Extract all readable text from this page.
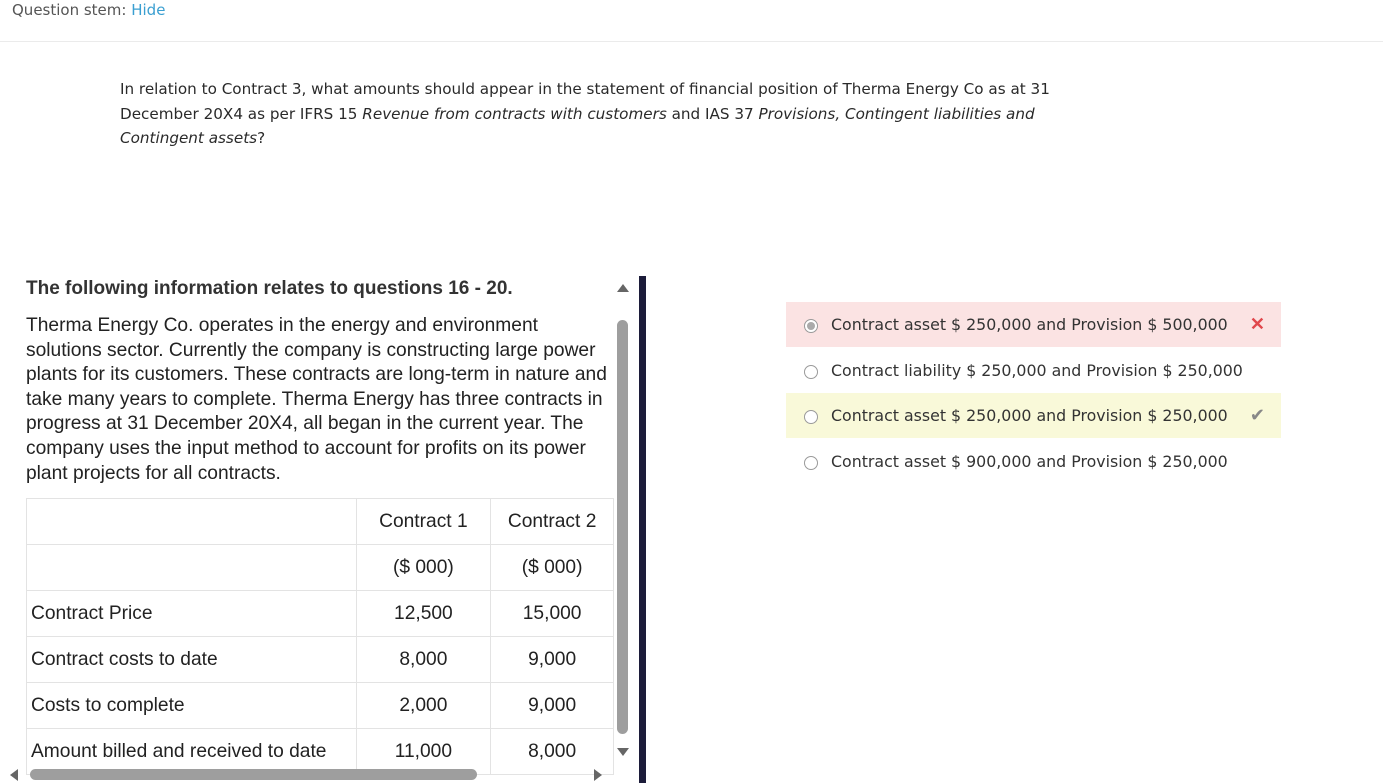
Question stem: Hide
In relation to Contract 3, what amounts should appear in the statement of financial position of Therma Energy Co as at 31 December 20X4 as per IFRS 15 Revenue from contracts with customers and IAS 37 Provisions, Contingent liabilities and Contingent assets?
The following information relates to questions 16 - 20.
Therma Energy Co. operates in the energy and environment solutions sector. Currently the company is constructing large power plants for its customers. These contracts are long-term in nature and take many years to complete. Therma Energy has three contracts in progress at 31 December 20X4, all began in the current year. The company uses the input method to account for profits on its power plant projects for all contracts.
	Contract 1	Contract 2
	($ 000)	($ 000)
Contract Price	12,500	15,000
Contract costs to date	8,000	9,000
Costs to complete	2,000	9,000
Amount billed and received to date	11,000	8,000
Contract asset $ 250,000 and Provision $ 500,000 ✕
Contract liability $ 250,000 and Provision $ 250,000
Contract asset $ 250,000 and Provision $ 250,000 ✔
Contract asset $ 900,000 and Provision $ 250,000
